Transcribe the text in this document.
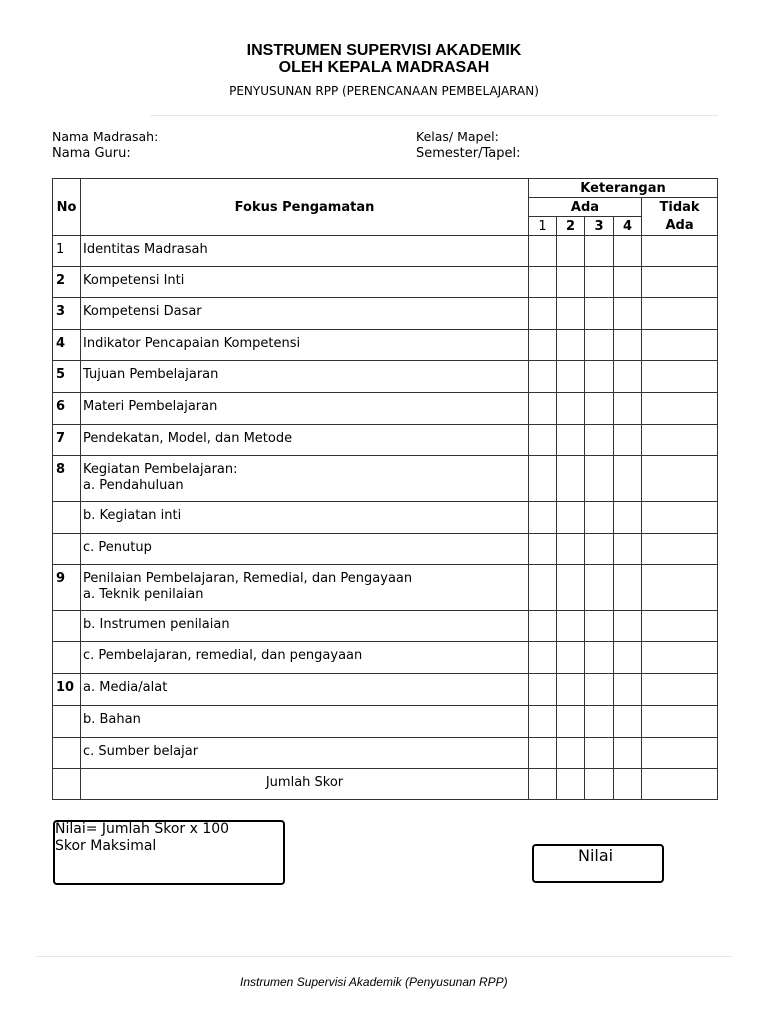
INSTRUMEN SUPERVISI AKADEMIK
OLEH KEPALA MADRASAH
PENYUSUNAN RPP (PERENCANAAN PEMBELAJARAN)
Nama Madrasah:
Nama Guru:
Kelas/ Mapel:
Semester/Tapel:
No	Fokus Pengamatan	Keterangan				
		Ada				Tidak
Ada
		1	2	3	4	
1	Identitas Madrasah					

2	Kompetensi Inti					

3	Kompetensi Dasar					

4	Indikator Pencapaian Kompetensi					

5	Tujuan Pembelajaran					

6	Materi Pembelajaran					

7	Pendekatan, Model, dan Metode					

8	Kegiatan Pembelajaran:
a. Pendahuluan					

	b. Kegiatan inti					

	c. Penutup					

9	Penilaian Pembelajaran, Remedial, dan Pengayaan
a. Teknik penilaian					

	b. Instrumen penilaian					

	c. Pembelajaran, remedial, dan pengayaan					

10	a. Media/alat					

	b. Bahan					

	c. Sumber belajar					

	Jumlah Skor					
Nilai= Jumlah Skor x 100
Skor Maksimal	Nilai
Instrumen Supervisi Akademik (Penyusunan RPP)
